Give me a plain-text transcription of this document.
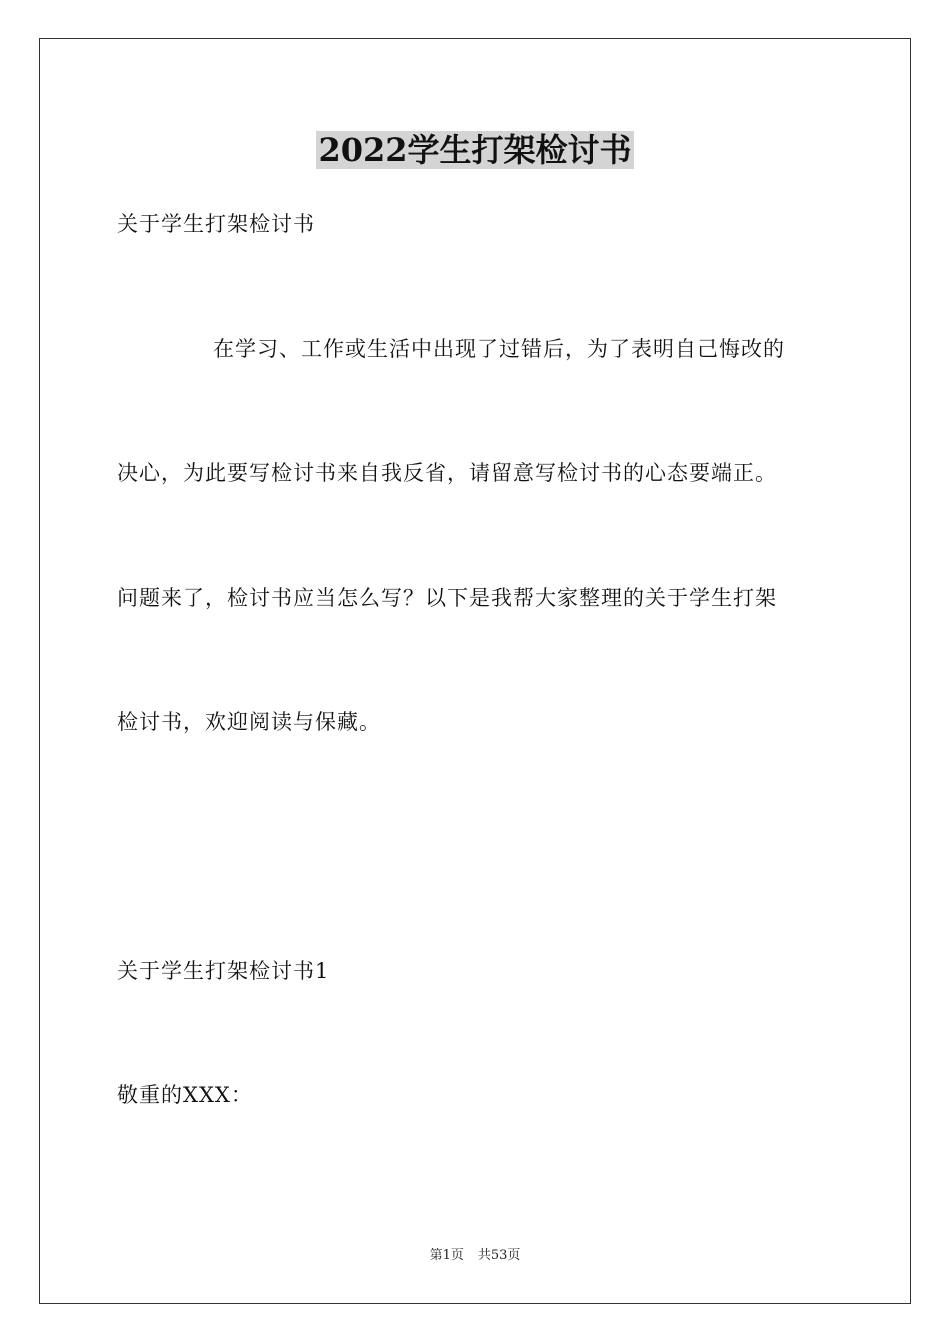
2022学生打架检讨书
关于学生打架检讨书
在学习、工作或生活中出现了过错后，为了表明自己悔改的
决心，为此要写检讨书来自我反省，请留意写检讨书的心态要端正。
问题来了，检讨书应当怎么写？以下是我帮大家整理的关于学生打架
检讨书，欢迎阅读与保藏。
关于学生打架检讨书1
敬重的XXX：
第1页 共53页
